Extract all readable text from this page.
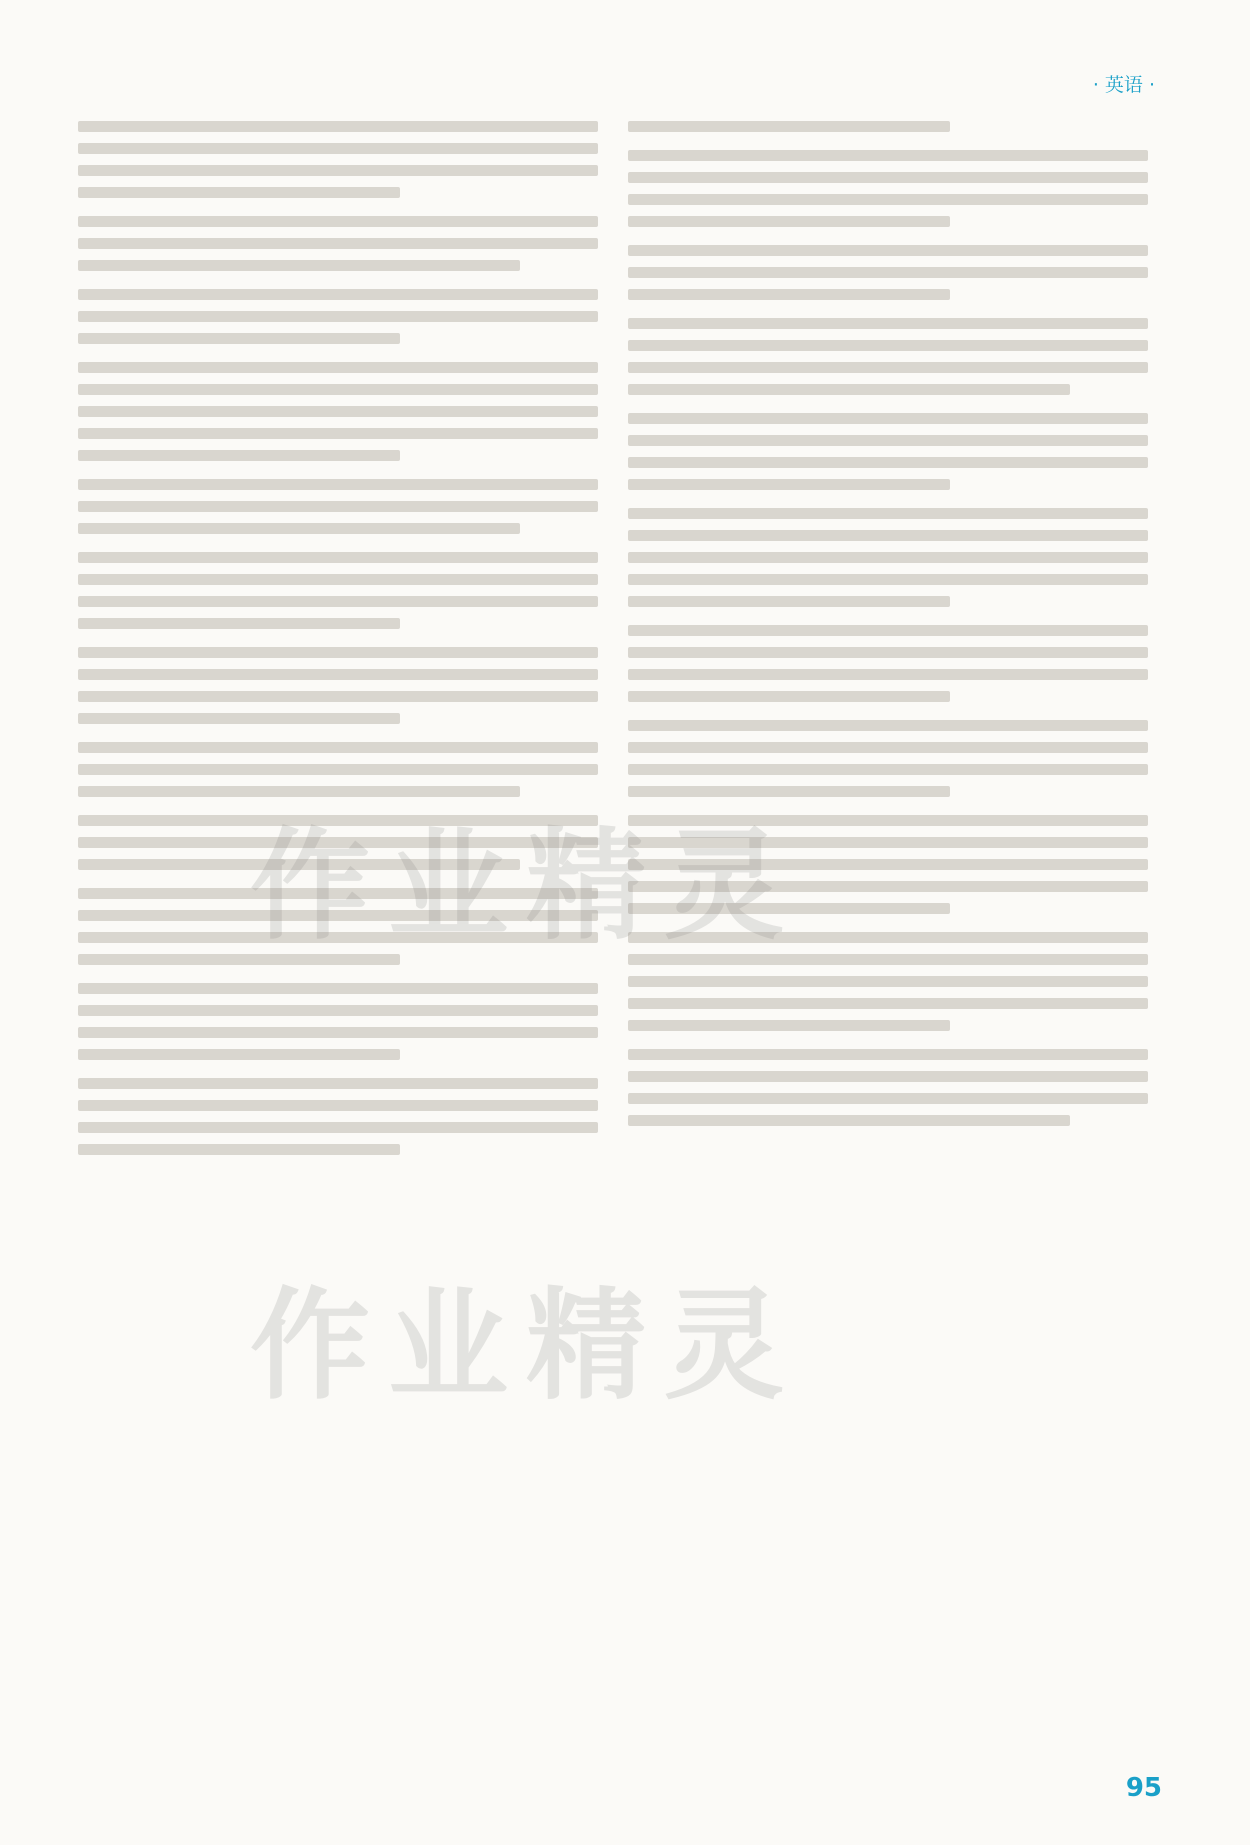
· 英语 ·
作业精灵
作业精灵
95
